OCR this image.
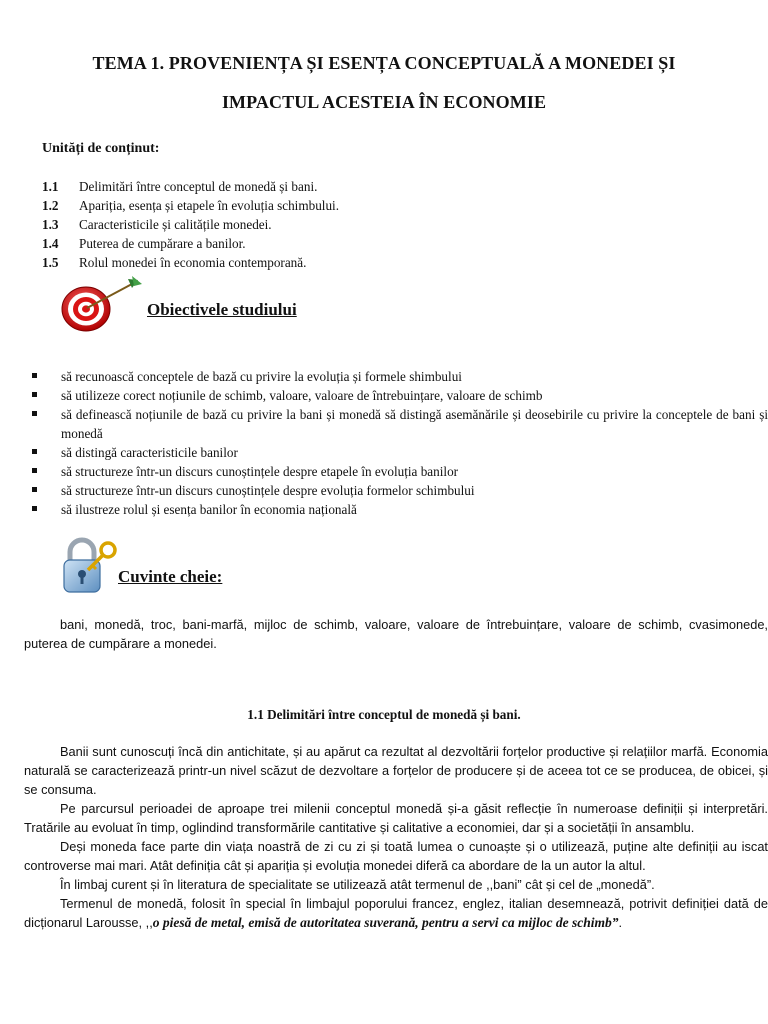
TEMA 1. PROVENIENȚA ȘI ESENȚA CONCEPTUALĂ A MONEDEI ȘI
IMPACTUL ACESTEIA ÎN ECONOMIE
Unități de conținut:
1.1 Delimitări între conceptul de monedă și bani.
1.2 Apariția, esența și etapele în evoluția schimbului.
1.3 Caracteristicile și calitățile monedei.
1.4 Puterea de cumpărare a banilor.
1.5 Rolul monedei în economia contemporană.
Obiectivele studiului
să recunoască conceptele de bază cu privire la evoluția și formele shimbului
să utilizeze corect noțiunile de schimb, valoare, valoare de întrebuințare, valoare de schimb
să definească noțiunile de bază cu privire la bani și monedă să distingă asemănările și deosebirile cu privire la conceptele de bani și monedă
să distingă caracteristicile banilor
să structureze într-un discurs cunoștințele despre etapele în evoluția banilor
să structureze într-un discurs cunoștințele despre evoluția formelor schimbului
să ilustreze rolul și esența banilor în economia națională
Cuvinte cheie:
bani, monedă, troc, bani-marfă, mijloc de schimb, valoare, valoare de întrebuințare, valoare de schimb, cvasimonede, puterea de cumpărare a monedei.
1.1 Delimitări între conceptul de monedă și bani.

Banii sunt cunoscuți încă din antichitate, și au apărut ca rezultat al dezvoltării forțelor productive și relațiilor marfă. Economia naturală se caracterizează printr-un nivel scăzut de dezvoltare a forțelor de producere și de aceea tot ce se producea, de obicei, și se consuma.

Pe parcursul perioadei de aproape trei milenii conceptul monedă și-a găsit reflecție în numeroase definiții și interpretări. Tratările au evoluat în timp, oglindind transformările cantitative și calitative a economiei, dar și a societății în ansamblu.

Deși moneda face parte din viața noastră de zi cu zi și toată lumea o cunoaște și o utilizează, puține alte definiții au iscat controverse mai mari. Atât definiția cât și apariția și evoluția monedei diferă ca abordare de la un autor la altul.

În limbaj curent și în literatura de specialitate se utilizează atât termenul de ,,bani” cât și cel de „monedă”.

Termenul de monedă, folosit în special în limbajul poporului francez, englez, italian desemnează, potrivit definiției dată de dicționarul Larousse, ,,o piesă de metal, emisă de autoritatea suverană, pentru a servi ca mijloc de schimb”.
